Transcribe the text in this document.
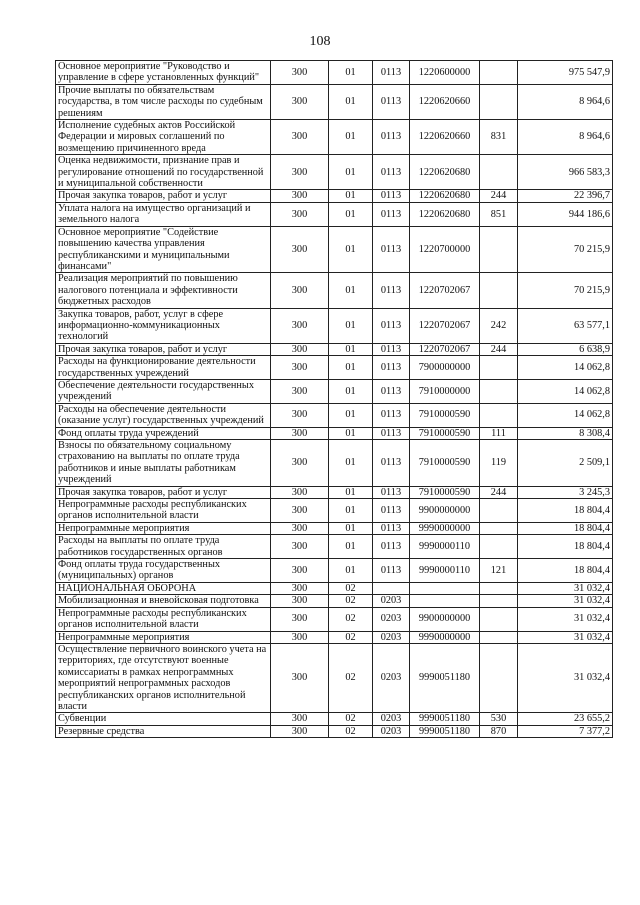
108
Основное мероприятие "Руководство и управление в сфере установленных функций"	300	01	0113	1220600000		975 547,9
Прочие выплаты по обязательствам государства, в том числе расходы по судебным решениям	300	01	0113	1220620660		8 964,6
Исполнение судебных актов Российской Федерации и мировых соглашений по возмещению причиненного вреда	300	01	0113	1220620660	831	8 964,6
Оценка недвижимости, признание прав и регулирование отношений по государственной и муниципальной собственности	300	01	0113	1220620680		966 583,3
Прочая закупка товаров, работ и услуг	300	01	0113	1220620680	244	22 396,7
Уплата налога на имущество организаций и земельного налога	300	01	0113	1220620680	851	944 186,6
Основное мероприятие "Содействие повышению качества управления республиканскими и муниципальными финансами"	300	01	0113	1220700000		70 215,9
Реализация мероприятий по повышению налогового потенциала и эффективности бюджетных расходов	300	01	0113	1220702067		70 215,9
Закупка товаров, работ, услуг в сфере информационно-коммуникационных технологий	300	01	0113	1220702067	242	63 577,1
Прочая закупка товаров, работ и услуг	300	01	0113	1220702067	244	6 638,9
Расходы на функционирование деятельности государственных учреждений	300	01	0113	7900000000		14 062,8
Обеспечение деятельности государственных учреждений	300	01	0113	7910000000		14 062,8
Расходы на обеспечение деятельности (оказание услуг) государственных учреждений	300	01	0113	7910000590		14 062,8
Фонд оплаты труда учреждений	300	01	0113	7910000590	111	8 308,4
Взносы по обязательному социальному страхованию на выплаты по оплате труда работников и иные выплаты работникам учреждений	300	01	0113	7910000590	119	2 509,1
Прочая закупка товаров, работ и услуг	300	01	0113	7910000590	244	3 245,3
Непрограммные расходы республиканских органов исполнительной власти	300	01	0113	9900000000		18 804,4
Непрограммные мероприятия	300	01	0113	9990000000		18 804,4
Расходы на выплаты по оплате труда работников государственных органов	300	01	0113	9990000110		18 804,4
Фонд оплаты труда государственных (муниципальных) органов	300	01	0113	9990000110	121	18 804,4
НАЦИОНАЛЬНАЯ ОБОРОНА	300	02				31 032,4
Мобилизационная и вневойсковая подготовка	300	02	0203			31 032,4
Непрограммные расходы республиканских органов исполнительной власти	300	02	0203	9900000000		31 032,4
Непрограммные мероприятия	300	02	0203	9990000000		31 032,4
Осуществление первичного воинского учета на территориях, где отсутствуют военные комиссариаты в рамках непрограммных мероприятий непрограммных расходов республиканских органов исполнительной власти	300	02	0203	9990051180		31 032,4
Субвенции	300	02	0203	9990051180	530	23 655,2
Резервные средства	300	02	0203	9990051180	870	7 377,2
